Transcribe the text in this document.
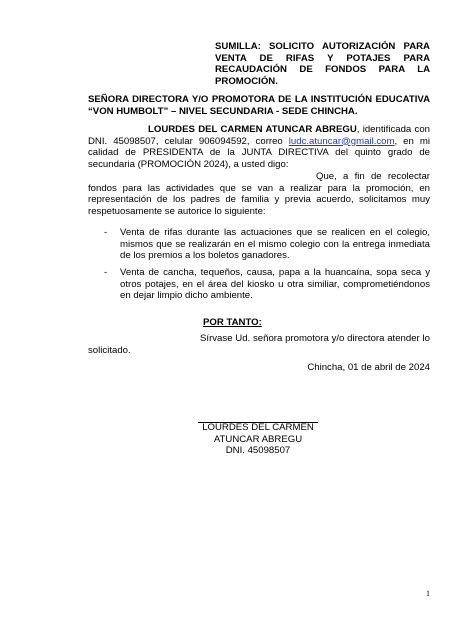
SUMILLA: SOLICITO AUTORIZACIÓN PARA VENTA DE RIFAS Y POTAJES PARA RECAUDACIÓN DE FONDOS PARA LA PROMOCIÓN.
SEÑORA DIRECTORA Y/O PROMOTORA DE LA INSTITUCIÓN EDUCATIVA “VON HUMBOLT” – NIVEL SECUNDARIA - SEDE CHINCHA.
LOURDES DEL CARMEN ATUNCAR ABREGU, identificada con DNI. 45098507, celular 906094592, correo ludc.atuncar@gmail.com, en mi calidad de PRESIDENTA de la JUNTA DIRECTIVA del quinto grado de secundaria (PROMOCIÓN 2024), a usted digo:
Que, a fin de recolectar fondos para las actividades que se van a realizar para la promoción, en representación de los padres de familia y previa acuerdo, solicitamos muy respetuosamente se autorice lo siguiente:
- Venta de rifas durante las actuaciones que se realicen en el colegio, mismos que se realizarán en el mismo colegio con la entrega inmediata de los premios a los boletos ganadores.
- Venta de cancha, tequeños, causa, papa a la huancaína, sopa seca y otros potajes, en el área del kiosko u otra similiar, comprometiéndonos en dejar limpio dicho ambiente.
POR TANTO:
Sírvase Ud. señora promotora y/o directora atender lo solicitado.
Chincha, 01 de abril de 2024
LOURDES DEL CARMEN
ATUNCAR ABREGU
DNI. 45098507
1
